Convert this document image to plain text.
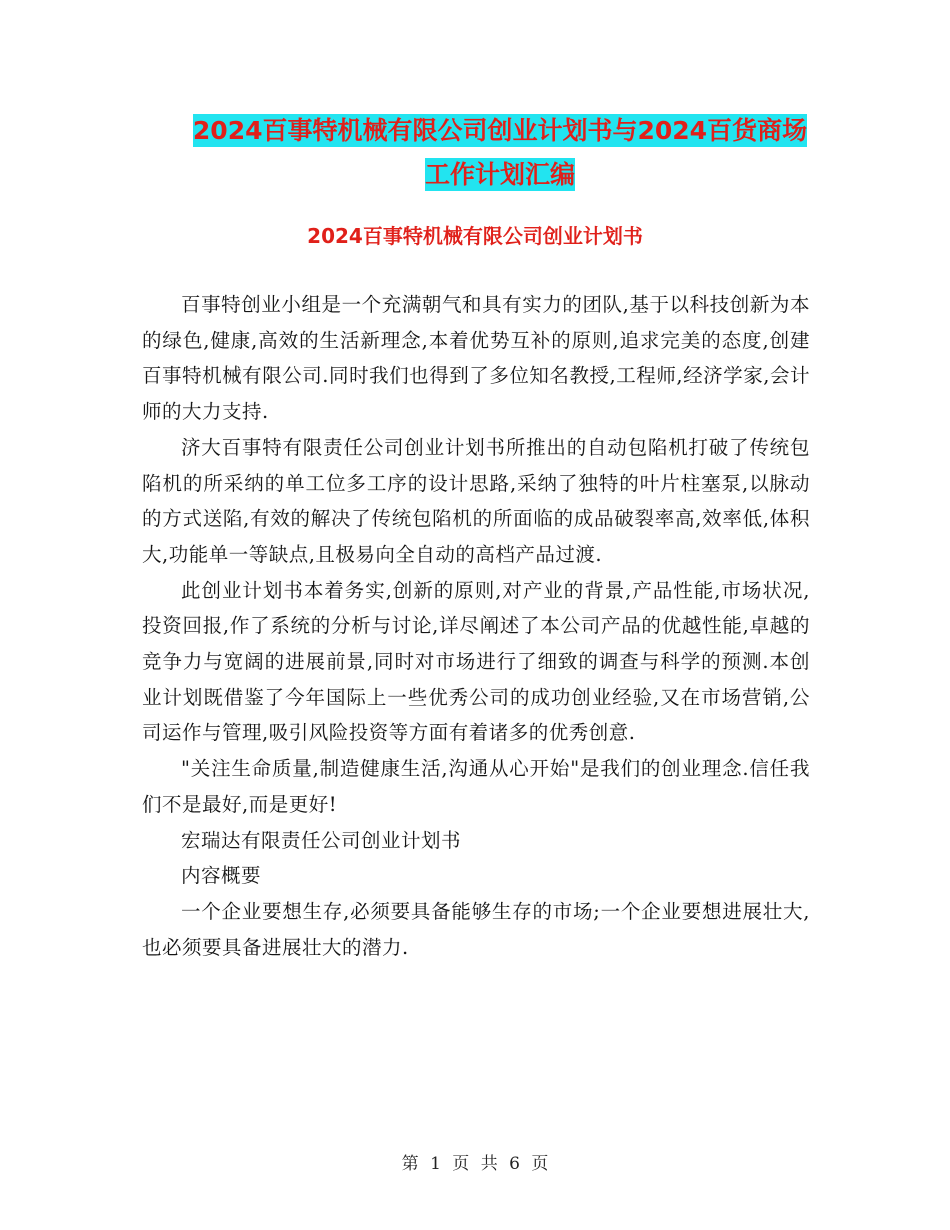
2024百事特机械有限公司创业计划书与2024百货商场
工作计划汇编
2024百事特机械有限公司创业计划书

百事特创业小组是一个充满朝气和具有实力的团队,基于以科技创新为本的绿色,健康,高效的生活新理念,本着优势互补的原则,追求完美的态度,创建百事特机械有限公司.同时我们也得到了多位知名教授,工程师,经济学家,会计师的大力支持.

济大百事特有限责任公司创业计划书所推出的自动包陷机打破了传统包陷机的所采纳的单工位多工序的设计思路,采纳了独特的叶片柱塞泵,以脉动的方式送陷,有效的解决了传统包陷机的所面临的成品破裂率高,效率低,体积大,功能单一等缺点,且极易向全自动的高档产品过渡.

此创业计划书本着务实,创新的原则,对产业的背景,产品性能,市场状况,投资回报,作了系统的分析与讨论,详尽阐述了本公司产品的优越性能,卓越的竞争力与宽阔的进展前景,同时对市场进行了细致的调查与科学的预测.本创业计划既借鉴了今年国际上一些优秀公司的成功创业经验,又在市场营销,公司运作与管理,吸引风险投资等方面有着诸多的优秀创意.

"关注生命质量,制造健康生活,沟通从心开始"是我们的创业理念.信任我们不是最好,而是更好!

宏瑞达有限责任公司创业计划书

内容概要

一个企业要想生存,必须要具备能够生存的市场;一个企业要想进展壮大,也必须要具备进展壮大的潜力.

第 1 页 共 6 页
